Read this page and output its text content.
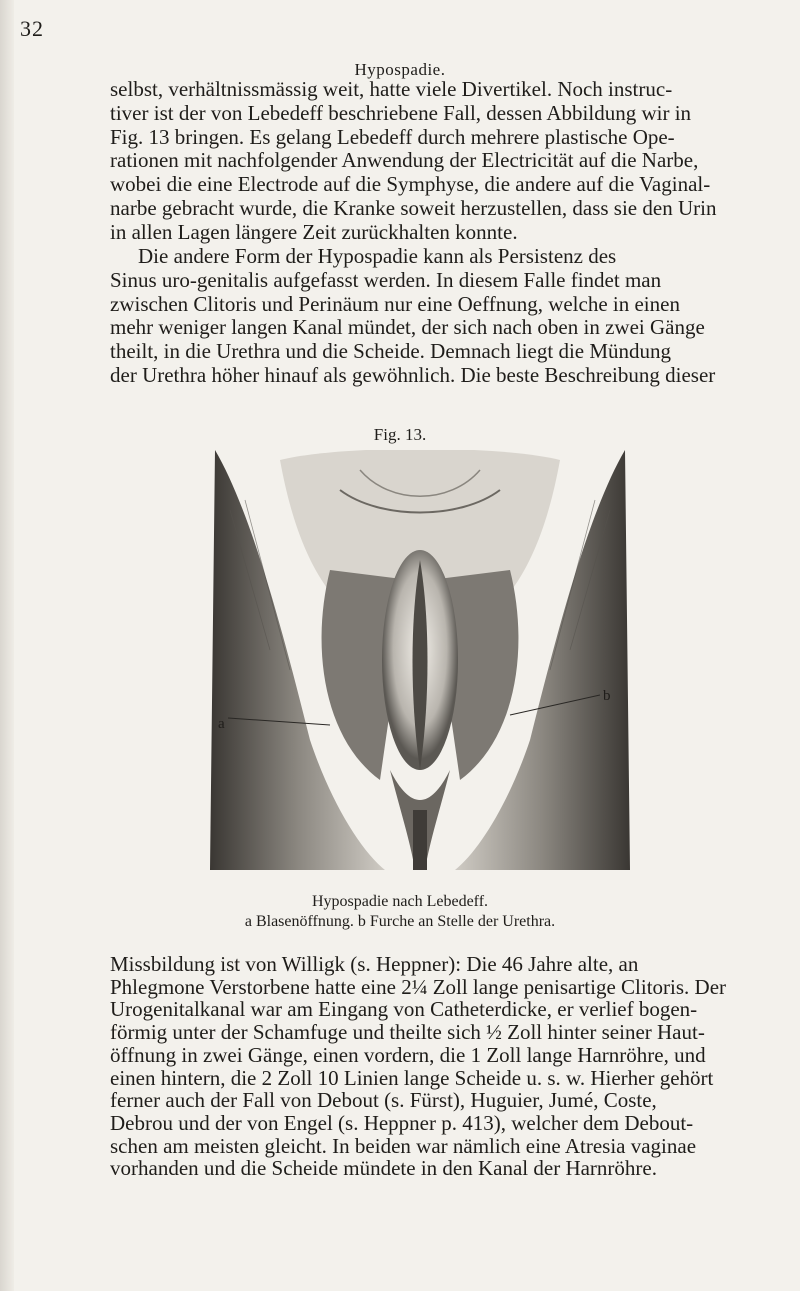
32
Hypospadie.

selbst, verhältnissmässig weit, hatte viele Divertikel. Noch instruc-
tiver ist der von Lebedeff beschriebene Fall, dessen Abbildung wir in
Fig. 13 bringen. Es gelang Lebedeff durch mehrere plastische Ope-
rationen mit nachfolgender Anwendung der Electricität auf die Narbe,
wobei die eine Electrode auf die Symphyse, die andere auf die Vaginal-
narbe gebracht wurde, die Kranke soweit herzustellen, dass sie den Urin
in allen Lagen längere Zeit zurückhalten konnte.

Die andere Form der Hypospadie kann als Persistenz des
Sinus uro-genitalis aufgefasst werden. In diesem Falle findet man
zwischen Clitoris und Perinäum nur eine Oeffnung, welche in einen
mehr weniger langen Kanal mündet, der sich nach oben in zwei Gänge
theilt, in die Urethra und die Scheide. Demnach liegt die Mündung
der Urethra höher hinauf als gewöhnlich. Die beste Beschreibung dieser

Fig. 13.
a
b
Hypospadie nach Lebedeff.
a Blasenöffnung. b Furche an Stelle der Urethra.

Missbildung ist von Willigk (s. Heppner): Die 46 Jahre alte, an
Phlegmone Verstorbene hatte eine 2¼ Zoll lange penisartige Clitoris. Der
Urogenitalkanal war am Eingang von Catheterdicke, er verlief bogen-
förmig unter der Schamfuge und theilte sich ½ Zoll hinter seiner Haut-
öffnung in zwei Gänge, einen vordern, die 1 Zoll lange Harnröhre, und
einen hintern, die 2 Zoll 10 Linien lange Scheide u. s. w. Hierher gehört
ferner auch der Fall von Debout (s. Fürst), Huguier, Jumé, Coste,
Debrou und der von Engel (s. Heppner p. 413), welcher dem Debout-
schen am meisten gleicht. In beiden war nämlich eine Atresia vaginae
vorhanden und die Scheide mündete in den Kanal der Harnröhre.
